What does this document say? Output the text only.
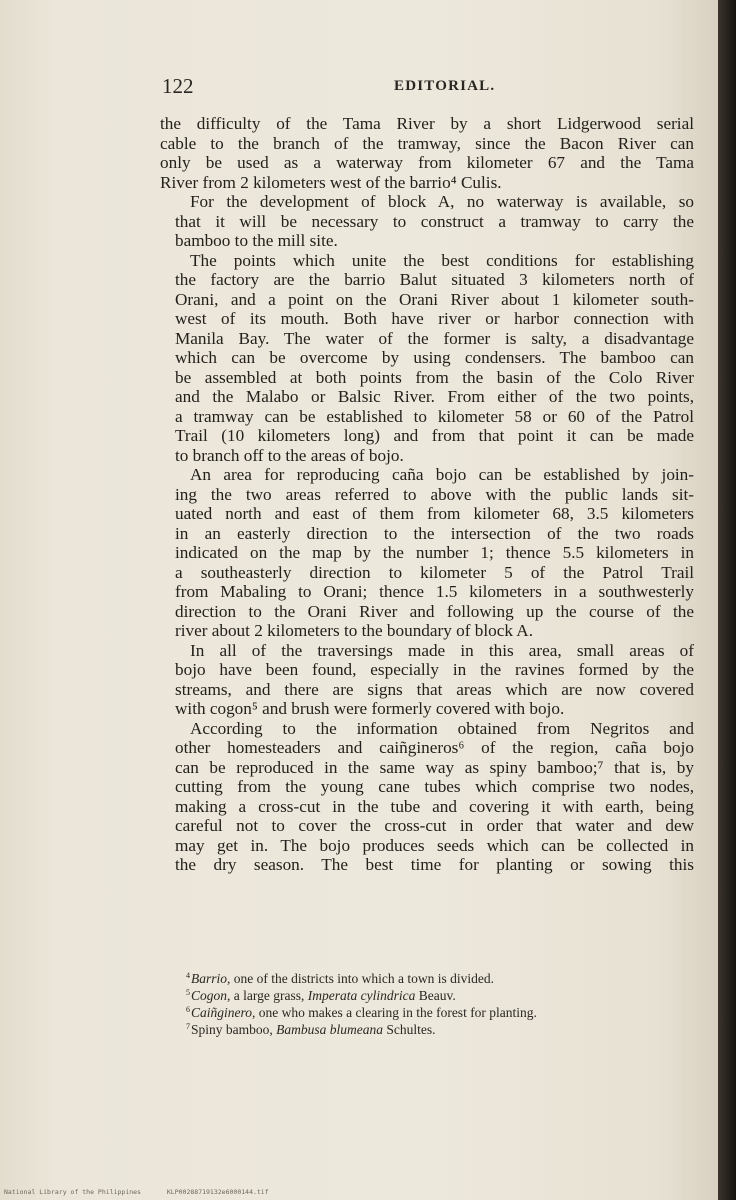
122	EDITORIAL.
the difficulty of the Tama River by a short Lidgerwood serial
cable to the branch of the tramway, since the Bacon River can
only be used as a waterway from kilometer 67 and the Tama
River from 2 kilometers west of the barrio⁴ Culis.
For the development of block A, no waterway is available, so
that it will be necessary to construct a tramway to carry the
bamboo to the mill site.
The points which unite the best conditions for establishing
the factory are the barrio Balut situated 3 kilometers north of
Orani, and a point on the Orani River about 1 kilometer south-
west of its mouth. Both have river or harbor connection with
Manila Bay. The water of the former is salty, a disadvantage
which can be overcome by using condensers. The bamboo can
be assembled at both points from the basin of the Colo River
and the Malabo or Balsic River. From either of the two points,
a tramway can be established to kilometer 58 or 60 of the Patrol
Trail (10 kilometers long) and from that point it can be made
to branch off to the areas of bojo.
An area for reproducing caña bojo can be established by join-
ing the two areas referred to above with the public lands sit-
uated north and east of them from kilometer 68, 3.5 kilometers
in an easterly direction to the intersection of the two roads
indicated on the map by the number 1; thence 5.5 kilometers in
a southeasterly direction to kilometer 5 of the Patrol Trail
from Mabaling to Orani; thence 1.5 kilometers in a southwesterly
direction to the Orani River and following up the course of the
river about 2 kilometers to the boundary of block A.
In all of the traversings made in this area, small areas of
bojo have been found, especially in the ravines formed by the
streams, and there are signs that areas which are now covered
with cogon⁵ and brush were formerly covered with bojo.
According to the information obtained from Negritos and
other homesteaders and caiñgineros⁶ of the region, caña bojo
can be reproduced in the same way as spiny bamboo;⁷ that is, by
cutting from the young cane tubes which comprise two nodes,
making a cross-cut in the tube and covering it with earth, being
careful not to cover the cross-cut in order that water and dew
may get in. The bojo produces seeds which can be collected in
the dry season. The best time for planting or sowing this
$^4$Barrio, one of the districts into which a town is divided.
$^5$Cogon, a large grass, Imperata cylindrica Beauv.
$^6$Caiñginero, one who makes a clearing in the forest for planting.
$^7$Spiny bamboo, Bambusa blumeana Schultes.
National Library of the Philippines	KLP00288719132e6000144.tif
